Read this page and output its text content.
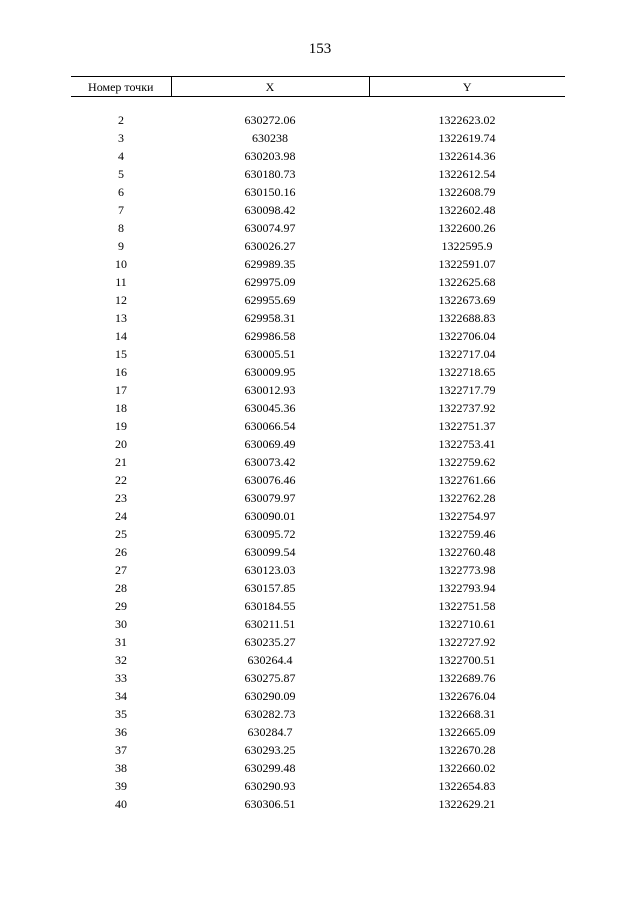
153
Номер точки	X	Y

2	630272.06	1322623.02
3	630238	1322619.74
4	630203.98	1322614.36
5	630180.73	1322612.54
6	630150.16	1322608.79
7	630098.42	1322602.48
8	630074.97	1322600.26
9	630026.27	1322595.9
10	629989.35	1322591.07
11	629975.09	1322625.68
12	629955.69	1322673.69
13	629958.31	1322688.83
14	629986.58	1322706.04
15	630005.51	1322717.04
16	630009.95	1322718.65
17	630012.93	1322717.79
18	630045.36	1322737.92
19	630066.54	1322751.37
20	630069.49	1322753.41
21	630073.42	1322759.62
22	630076.46	1322761.66
23	630079.97	1322762.28
24	630090.01	1322754.97
25	630095.72	1322759.46
26	630099.54	1322760.48
27	630123.03	1322773.98
28	630157.85	1322793.94
29	630184.55	1322751.58
30	630211.51	1322710.61
31	630235.27	1322727.92
32	630264.4	1322700.51
33	630275.87	1322689.76
34	630290.09	1322676.04
35	630282.73	1322668.31
36	630284.7	1322665.09
37	630293.25	1322670.28
38	630299.48	1322660.02
39	630290.93	1322654.83
40	630306.51	1322629.21
